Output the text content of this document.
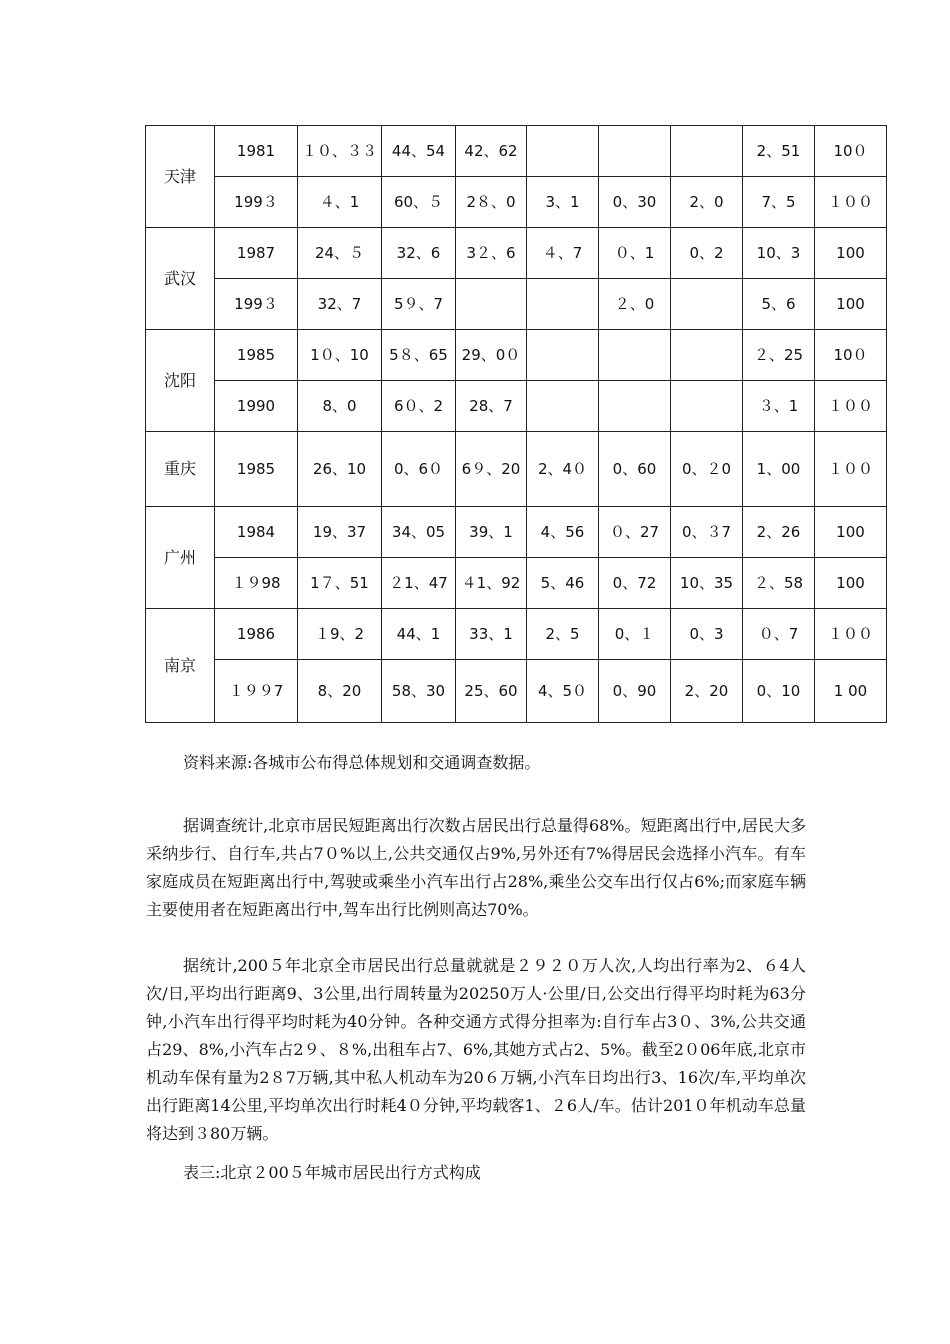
天津	1981	１０、３３	44、54	42、62				2、51	10０
	199３	４、1	60、５	2８、0	3、1	0、30	2、0	7、5	１００
武汉	1987	24、５	32、6	3２、6	４、7	０、1	0、2	10、3	100
	199３	32、7	5９、7			２、0		5、6	100
沈阳	1985	1０、10	5８、65	29、0０				２、25	10０
	1990	8、0	6０、2	28、7				３、1	１００
重庆	1985	26、10	0、6０	6９、20	2、4０	0、60	0、２0	1、00	１００
广州	1984	19、37	34、05	39、1	4、56	０、27	0、３7	2、26	100
	１９98	1７、51	２1、47	４1、92	5、46	0、72	10、35	２、58	100
南京	1986	１9、2	44、1	33、1	2、5	0、１	0、3	０、7	１００
	１９９7	8、20	58、30	25、60	4、5０	0、90	2、20	0、10	1 00

资料来源:各城市公布得总体规划和交通调查数据。

据调查统计,北京市居民短距离出行次数占居民出行总量得68%。短距离出行中,居民大多采纳步行、自行车,共占7０%以上,公共交通仅占9%,另外还有7%得居民会选择小汽车。有车家庭成员在短距离出行中,驾驶或乘坐小汽车出行占28%,乘坐公交车出行仅占6%;而家庭车辆主要使用者在短距离出行中,驾车出行比例则高达70%。

据统计,200５年北京全市居民出行总量就就是２９２０万人次,人均出行率为2、６4人次/日,平均出行距离9、3公里,出行周转量为20250万人·公里/日,公交出行得平均时耗为63分钟,小汽车出行得平均时耗为40分钟。各种交通方式得分担率为:自行车占3０、3%,公共交通占29、8%,小汽车占2９、８%,出租车占7、6%,其她方式占2、5%。截至2０06年底,北京市机动车保有量为2８7万辆,其中私人机动车为20６万辆,小汽车日均出行3、16次/车,平均单次出行距离14公里,平均单次出行时耗4０分钟,平均载客1、２6人/车。估计201０年机动车总量将达到３80万辆。

表三:北京２00５年城市居民出行方式构成
